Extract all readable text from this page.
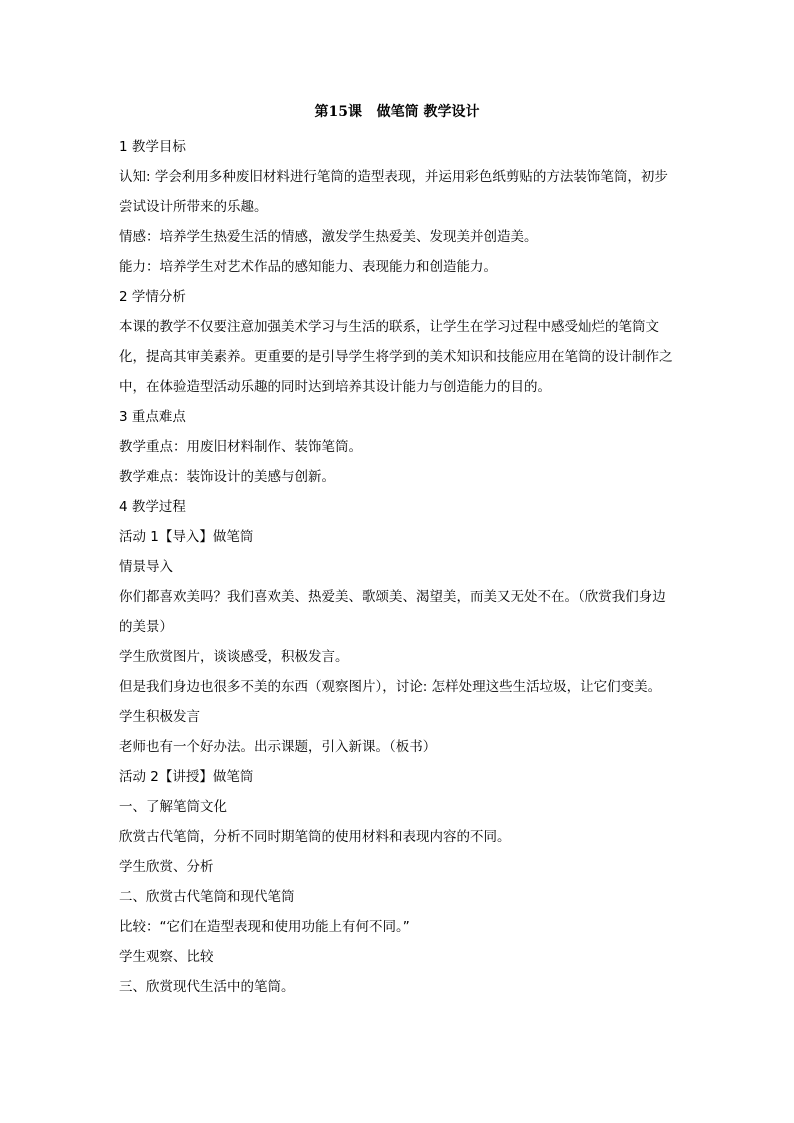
第15课   做笔筒 教学设计

1 教学目标

认知: 学会利用多种废旧材料进行笔筒的造型表现，并运用彩色纸剪贴的方法装饰笔筒，初步尝试设计所带来的乐趣。

情感：培养学生热爱生活的情感，激发学生热爱美、发现美并创造美。

能力：培养学生对艺术作品的感知能力、表现能力和创造能力。

2 学情分析

本课的教学不仅要注意加强美术学习与生活的联系，让学生在学习过程中感受灿烂的笔筒文化，提高其审美素养。更重要的是引导学生将学到的美术知识和技能应用在笔筒的设计制作之中，在体验造型活动乐趣的同时达到培养其设计能力与创造能力的目的。

3 重点难点

教学重点：用废旧材料制作、装饰笔筒。

教学难点：装饰设计的美感与创新。

4 教学过程

活动 1【导入】做笔筒

情景导入

你们都喜欢美吗？我们喜欢美、热爱美、歌颂美、渴望美，而美又无处不在。（欣赏我们身边的美景）

学生欣赏图片，谈谈感受，积极发言。

但是我们身边也很多不美的东西（观察图片），讨论: 怎样处理这些生活垃圾，让它们变美。

学生积极发言

老师也有一个好办法。出示课题，引入新课。（板书）

活动 2【讲授】做笔筒

一、了解笔筒文化

欣赏古代笔筒，分析不同时期笔筒的使用材料和表现内容的不同。

学生欣赏、分析

二、欣赏古代笔筒和现代笔筒

比较：“它们在造型表现和使用功能上有何不同。”

学生观察、比较

三、欣赏现代生活中的笔筒。
